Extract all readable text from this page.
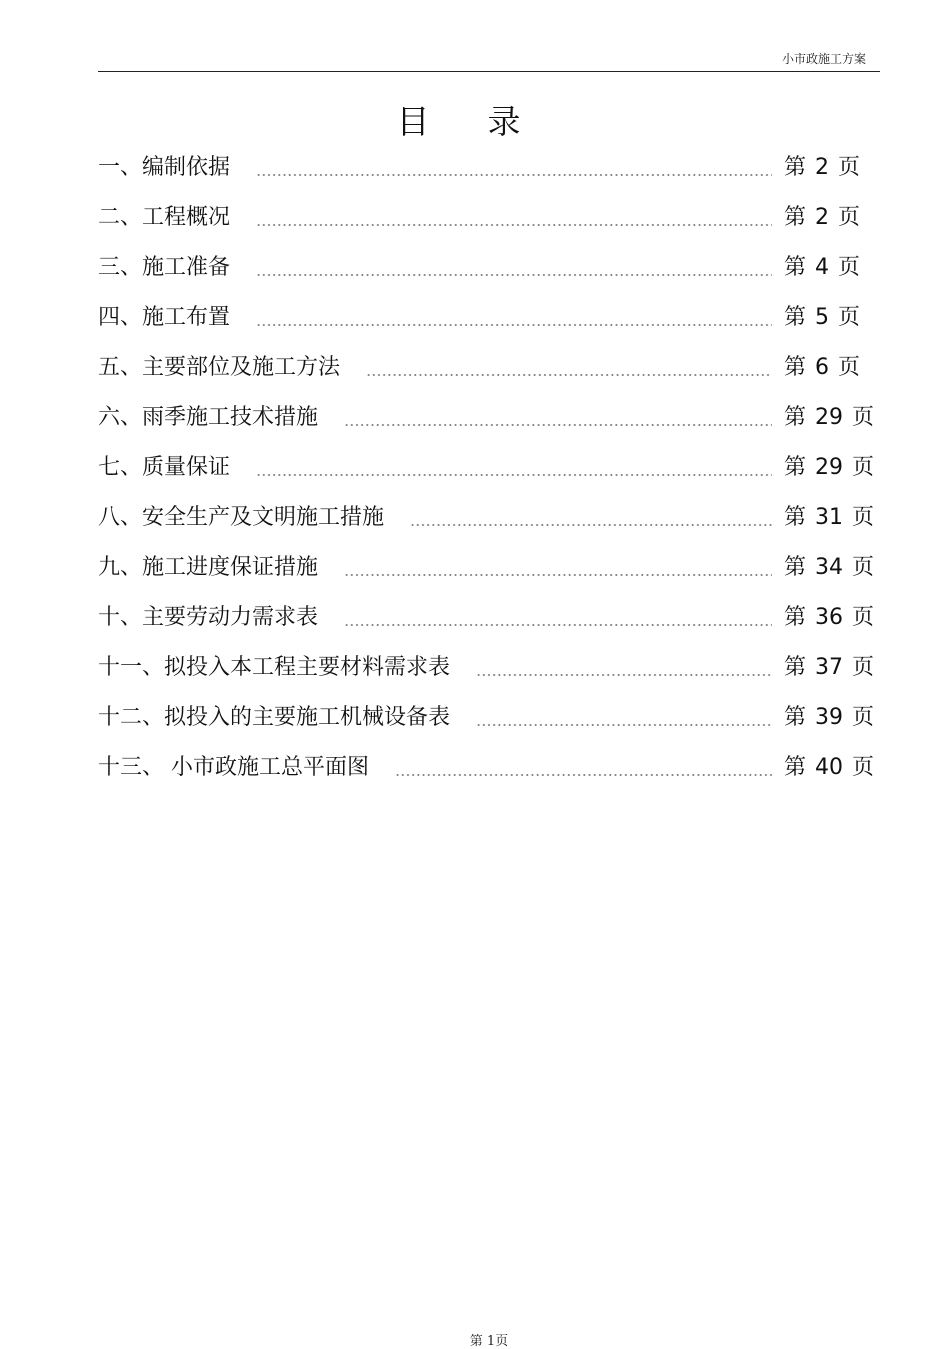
小市政施工方案
目录
一、编制依据	第 2 页
二、工程概况	第 2 页
三、施工准备	第 4 页
四、施工布置	第 5 页
五、主要部位及施工方法	第 6 页
六、雨季施工技术措施	第 29 页
七、质量保证	第 29 页
八、安全生产及文明施工措施	第 31 页
九、施工进度保证措施	第 34 页
十、主要劳动力需求表	第 36 页
十一、拟投入本工程主要材料需求表	第 37 页
十二、拟投入的主要施工机械设备表	第 39 页
十三、 小市政施工总平面图	第 40 页
第 1页
